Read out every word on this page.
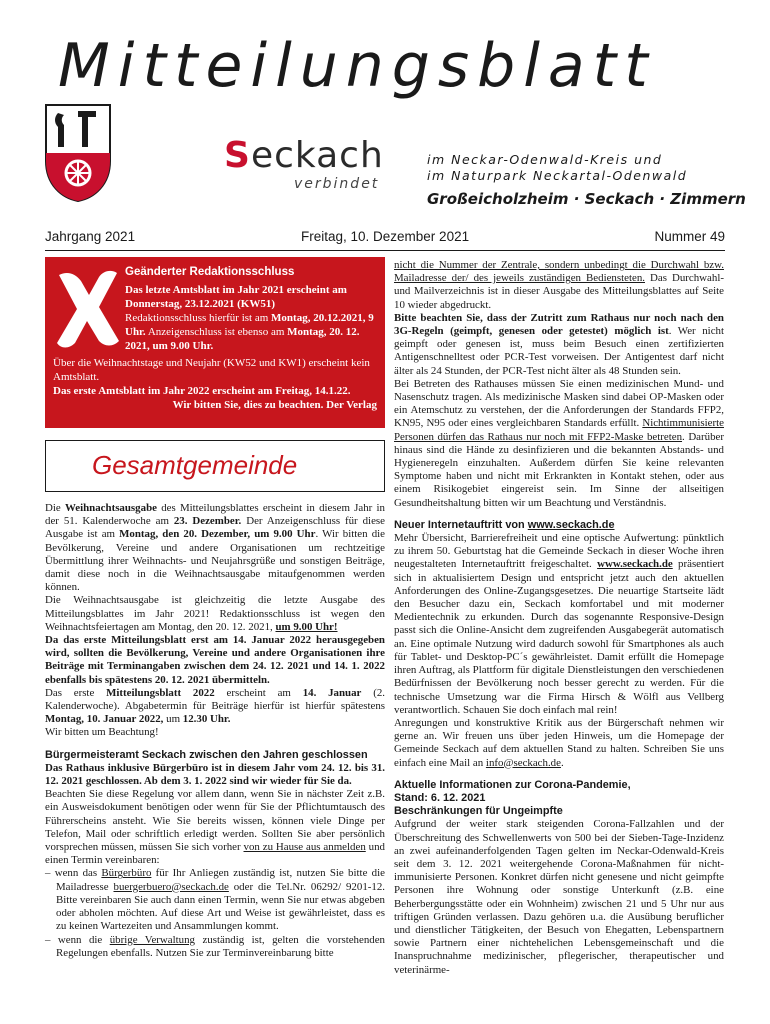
Mitteilungsblatt
Seckach
verbindet
im Neckar-Odenwald-Kreis und
im Naturpark Neckartal-Odenwald
Großeicholzheim · Seckach · Zimmern
Jahrgang 2021	Freitag, 10. Dezember 2021	Nummer 49

Geänderter Redaktionsschluss

Das letzte Amtsblatt im Jahr 2021 erscheint am Donnerstag, 23.12.2021 (KW51)

Redaktionsschluss hierfür ist am Montag, 20.12.2021, 9 Uhr. Anzeigenschluss ist ebenso am Montag, 20. 12. 2021, um 9.00 Uhr.

Über die Weihnachtstage und Neujahr (KW52 und KW1) erscheint kein Amtsblatt.

Das erste Amtsblatt im Jahr 2022 erscheint am Freitag, 14.1.22.

Wir bitten Sie, dies zu beachten. Der Verlag

Gesamtgemeinde

Die Weihnachtsausgabe des Mitteilungsblattes erscheint in diesem Jahr in der 51. Kalenderwoche am 23. Dezember. Der Anzeigenschluss für diese Ausgabe ist am Montag, den 20. Dezember, um 9.00 Uhr. Wir bitten die Bevölkerung, Vereine und andere Organisationen um rechtzeitige Übermittlung ihrer Weihnachts- und Neujahrsgrüße und sonstigen Beiträge, damit diese noch in die Weihnachtsausgabe mitaufgenommen werden können.

Die Weihnachtsausgabe ist gleichzeitig die letzte Ausgabe des Mitteilungsblattes im Jahr 2021! Redaktionsschluss ist wegen den Weihnachtsfeiertagen am Montag, den 20. 12. 2021, um 9.00 Uhr!

Da das erste Mitteilungsblatt erst am 14. Januar 2022 herausgegeben wird, sollten die Bevölkerung, Vereine und andere Organisationen ihre Beiträge mit Terminangaben zwischen dem 24. 12. 2021 und 14. 1. 2022 ebenfalls bis spätestens 20. 12. 2021 übermitteln.

Das erste Mitteilungsblatt 2022 erscheint am 14. Januar (2. Kalenderwoche). Abgabetermin für Beiträge hierfür ist hierfür spätestens Montag, 10. Januar 2022, um 12.30 Uhr.

Wir bitten um Beachtung!

Bürgermeisteramt Seckach zwischen den Jahren geschlossen

Das Rathaus inklusive Bürgerbüro ist in diesem Jahr vom 24. 12. bis 31. 12. 2021 geschlossen. Ab dem 3. 1. 2022 sind wir wieder für Sie da.

Beachten Sie diese Regelung vor allem dann, wenn Sie in nächster Zeit z.B. ein Ausweisdokument benötigen oder wenn für Sie der Pflichtumtausch des Führerscheins ansteht. Wie Sie bereits wissen, können viele Dinge per Telefon, Mail oder schriftlich erledigt werden. Sollten Sie aber persönlich vorsprechen müssen, müssen Sie sich vorher von zu Hause aus anmelden und einen Termin vereinbaren:

– wenn das Bürgerbüro für Ihr Anliegen zuständig ist, nutzen Sie bitte die Mailadresse buergerbuero@seckach.de oder die Tel.Nr. 06292/ 9201-12. Bitte vereinbaren Sie auch dann einen Termin, wenn Sie nur etwas abgeben oder abholen möchten. Auf diese Art und Weise ist gewährleistet, dass es zu keinen Wartezeiten und Ansammlungen kommt.

– wenn die übrige Verwaltung zuständig ist, gelten die vorstehenden Regelungen ebenfalls. Nutzen Sie zur Terminvereinbarung bitte

nicht die Nummer der Zentrale, sondern unbedingt die Durchwahl bzw. Mailadresse der/ des jeweils zuständigen Bediensteten. Das Durchwahl- und Mailverzeichnis ist in dieser Ausgabe des Mitteilungsblattes auf Seite 10 wieder abgedruckt.

Bitte beachten Sie, dass der Zutritt zum Rathaus nur noch nach den 3G-Regeln (geimpft, genesen oder getestet) möglich ist. Wer nicht geimpft oder genesen ist, muss beim Besuch einen zertifizierten Antigenschnelltest oder PCR-Test vorweisen. Der Antigentest darf nicht älter als 24 Stunden, der PCR-Test nicht älter als 48 Stunden sein.

Bei Betreten des Rathauses müssen Sie einen medizinischen Mund- und Nasenschutz tragen. Als medizinische Masken sind dabei OP-Masken oder ein Atemschutz zu verstehen, der die Anforderungen der Standards FFP2, KN95, N95 oder eines vergleichbaren Standards erfüllt. Nichtimmunisierte Personen dürfen das Rathaus nur noch mit FFP2-Maske betreten. Darüber hinaus sind die Hände zu desinfizieren und die bekannten Abstands- und Hygieneregeln einzuhalten. Außerdem dürfen Sie keine relevanten Symptome haben und nicht mit Erkrankten in Kontakt stehen, oder aus einem Risikogebiet eingereist sein. Im Sinne der allseitigen Gesundheitshaltung bitten wir um Beachtung und Verständnis.

Neuer Internetauftritt von www.seckach.de

Mehr Übersicht, Barrierefreiheit und eine optische Aufwertung: pünktlich zu ihrem 50. Geburtstag hat die Gemeinde Seckach in dieser Woche ihren neugestalteten Internetauftritt freigeschaltet. www.seckach.de präsentiert sich in aktualisiertem Design und entspricht jetzt auch den aktuellen Anforderungen des Online-Zugangsgesetzes. Die neuartige Startseite lädt den Besucher dazu ein, Seckach komfortabel und mit moderner Medientechnik zu erkunden. Durch das sogenannte Responsive-Design passt sich die Online-Ansicht dem zugreifenden Ausgabegerät automatisch an. Eine optimale Nutzung wird dadurch sowohl für Smartphones als auch für Tablet- und Desktop-PC´s gewährleistet. Damit erfüllt die Homepage ihren Auftrag, als Plattform für digitale Dienstleistungen den verschiedenen Bedürfnissen der Bevölkerung noch besser gerecht zu werden. Für die technische Umsetzung war die Firma Hirsch & Wölfl aus Vellberg verantwortlich. Schauen Sie doch einfach mal rein!

Anregungen und konstruktive Kritik aus der Bürgerschaft nehmen wir gerne an. Wir freuen uns über jeden Hinweis, um die Homepage der Gemeinde Seckach auf dem aktuellen Stand zu halten. Schreiben Sie uns einfach eine Mail an info@seckach.de.

Aktuelle Informationen zur Corona-Pandemie,

Stand: 6. 12. 2021

Beschränkungen für Ungeimpfte

Aufgrund der weiter stark steigenden Corona-Fallzahlen und der Überschreitung des Schwellenwerts von 500 bei der Sieben-Tage-Inzidenz an zwei aufeinanderfolgenden Tagen gelten im Neckar-Odenwald-Kreis seit dem 3. 12. 2021 weitergehende Corona-Maßnahmen für nicht-immunisierte Personen. Konkret dürfen nicht genesene und nicht geimpfte Personen ihre Wohnung oder sonstige Unterkunft (z.B. eine Beherbergungsstätte oder ein Wohnheim) zwischen 21 und 5 Uhr nur aus triftigen Gründen verlassen. Dazu gehören u.a. die Ausübung beruflicher und dienstlicher Tätigkeiten, der Besuch von Ehegatten, Lebenspartnern sowie Partnern einer nichtehelichen Lebensgemeinschaft und die Inanspruchnahme medizinischer, pflegerischer, therapeutischer und veterinärme-
